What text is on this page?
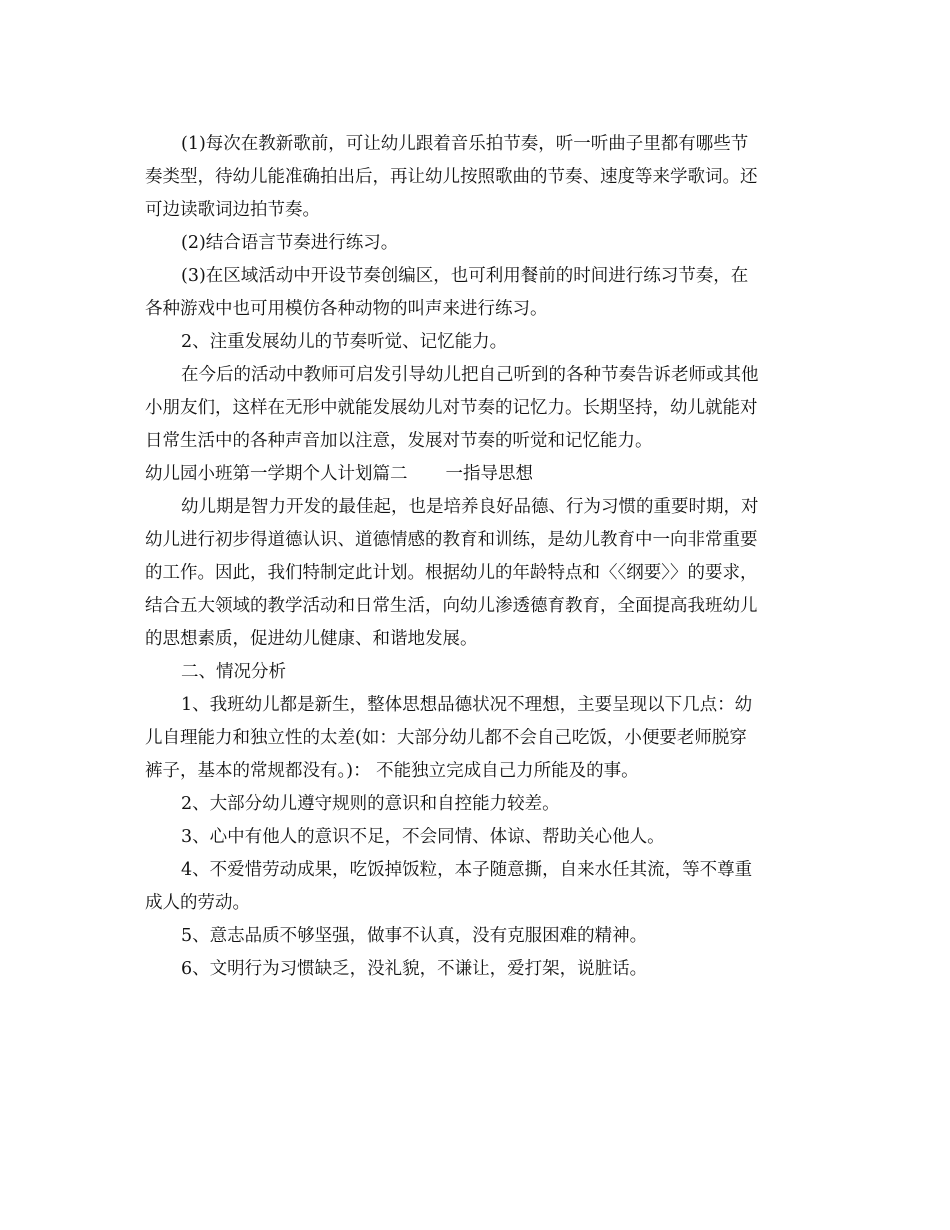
(1)每次在教新歌前，可让幼儿跟着音乐拍节奏，听一听曲子里都有哪些节
奏类型，待幼儿能准确拍出后，再让幼儿按照歌曲的节奏、速度等来学歌词。还
可边读歌词边拍节奏。

(2)结合语言节奏进行练习。

(3)在区域活动中开设节奏创编区，也可利用餐前的时间进行练习节奏，在
各种游戏中也可用模仿各种动物的叫声来进行练习。

2、注重发展幼儿的节奏听觉、记忆能力。

在今后的活动中教师可启发引导幼儿把自己听到的各种节奏告诉老师或其他
小朋友们，这样在无形中就能发展幼儿对节奏的记忆力。长期坚持，幼儿就能对
日常生活中的各种声音加以注意，发展对节奏的听觉和记忆能力。

幼儿园小班第一学期个人计划篇二 一指导思想

幼儿期是智力开发的最佳起，也是培养良好品德、行为习惯的重要时期，对
幼儿进行初步得道德认识、道德情感的教育和训练，是幼儿教育中一向非常重要
的工作。因此，我们特制定此计划。根据幼儿的年龄特点和〈〈纲要〉〉的要求，
结合五大领域的教学活动和日常生活，向幼儿渗透德育教育，全面提高我班幼儿
的思想素质，促进幼儿健康、和谐地发展。

二、情况分析

1、我班幼儿都是新生，整体思想品德状况不理想，主要呈现以下几点：幼
儿自理能力和独立性的太差(如：大部分幼儿都不会自己吃饭，小便要老师脱穿
裤子，基本的常规都没有。)： 不能独立完成自己力所能及的事。

2、大部分幼儿遵守规则的意识和自控能力较差。

3、心中有他人的意识不足，不会同情、体谅、帮助关心他人。

4、不爱惜劳动成果，吃饭掉饭粒，本子随意撕，自来水任其流，等不尊重
成人的劳动。

5、意志品质不够坚强，做事不认真，没有克服困难的精神。

6、文明行为习惯缺乏，没礼貌，不谦让，爱打架，说脏话。
